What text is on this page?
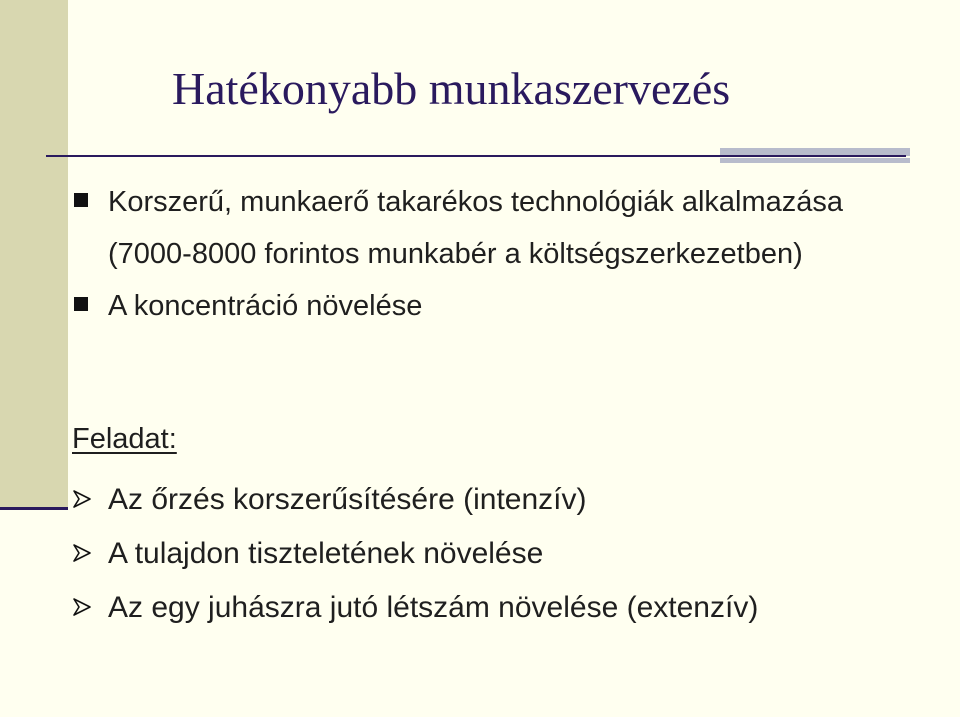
Hatékonyabb munkaszervezés
Korszerű, munkaerő takarékos technológiák alkalmazása (7000-8000 forintos munkabér a költségszerkezetben)
A koncentráció növelése
Feladat:
Az őrzés korszerűsítésére (intenzív)
A tulajdon tiszteletének növelése
Az egy juhászra jutó létszám növelése (extenzív)
